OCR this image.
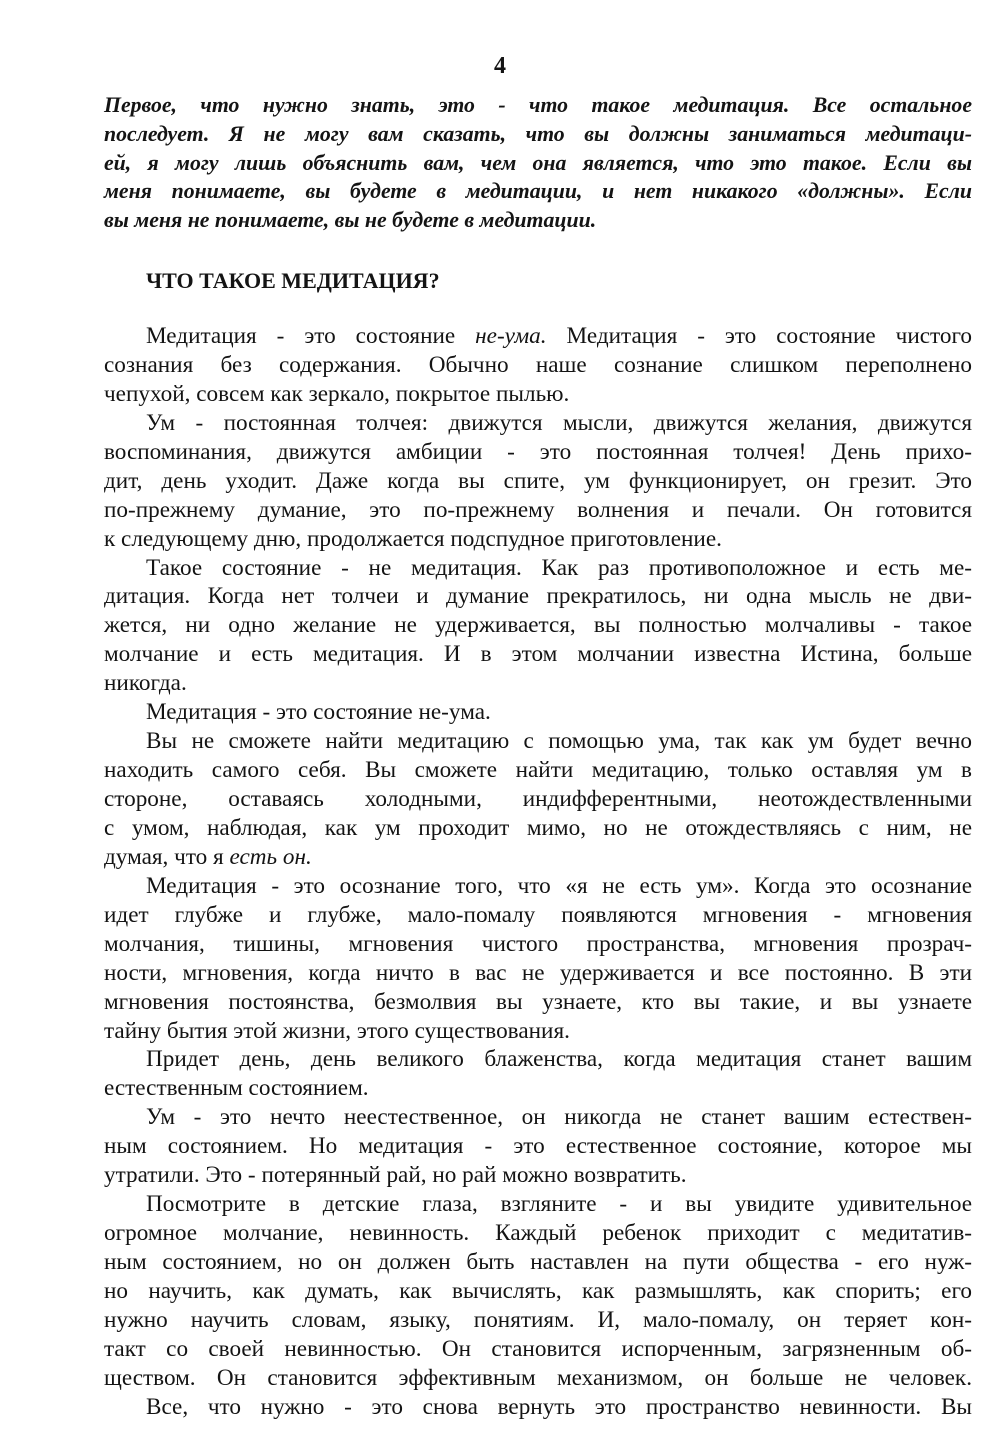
4
Первое, что нужно знать, это - что такое медитация. Все остальное
последует. Я не могу вам сказать, что вы должны заниматься медитаци-
ей, я могу лишь объяснить вам, чем она является, что это такое. Если вы
меня понимаете, вы будете в медитации, и нет никакого «должны». Если
вы меня не понимаете, вы не будете в медитации.
ЧТО ТАКОЕ МЕДИТАЦИЯ?
Медитация - это состояние не-ума. Медитация - это состояние чистого
сознания без содержания. Обычно наше сознание слишком переполнено
чепухой, совсем как зеркало, покрытое пылью.
Ум - постоянная толчея: движутся мысли, движутся желания, движутся
воспоминания, движутся амбиции - это постоянная толчея! День прихо-
дит, день уходит. Даже когда вы спите, ум функционирует, он грезит. Это
по-прежнему думание, это по-прежнему волнения и печали. Он готовится
к следующему дню, продолжается подспудное приготовление.
Такое состояние - не медитация. Как раз противоположное и есть ме-
дитация. Когда нет толчеи и думание прекратилось, ни одна мысль не дви-
жется, ни одно желание не удерживается, вы полностью молчаливы - такое
молчание и есть медитация. И в этом молчании известна Истина, больше
никогда.
Медитация - это состояние не-ума.
Вы не сможете найти медитацию с помощью ума, так как ум будет вечно
находить самого себя. Вы сможете найти медитацию, только оставляя ум в
стороне, оставаясь холодными, индифферентными, неотождествленными
с умом, наблюдая, как ум проходит мимо, но не отождествляясь с ним, не
думая, что я есть он.
Медитация - это осознание того, что «я не есть ум». Когда это осознание
идет глубже и глубже, мало-помалу появляются мгновения - мгновения
молчания, тишины, мгновения чистого пространства, мгновения прозрач-
ности, мгновения, когда ничто в вас не удерживается и все постоянно. В эти
мгновения постоянства, безмолвия вы узнаете, кто вы такие, и вы узнаете
тайну бытия этой жизни, этого существования.
Придет день, день великого блаженства, когда медитация станет вашим
естественным состоянием.
Ум - это нечто неестественное, он никогда не станет вашим естествен-
ным состоянием. Но медитация - это естественное состояние, которое мы
утратили. Это - потерянный рай, но рай можно возвратить.
Посмотрите в детские глаза, взгляните - и вы увидите удивительное
огромное молчание, невинность. Каждый ребенок приходит с медитатив-
ным состоянием, но он должен быть наставлен на пути общества - его нуж-
но научить, как думать, как вычислять, как размышлять, как спорить; его
нужно научить словам, языку, понятиям. И, мало-помалу, он теряет кон-
такт со своей невинностью. Он становится испорченным, загрязненным об-
ществом. Он становится эффективным механизмом, он больше не человек.
Все, что нужно - это снова вернуть это пространство невинности. Вы
